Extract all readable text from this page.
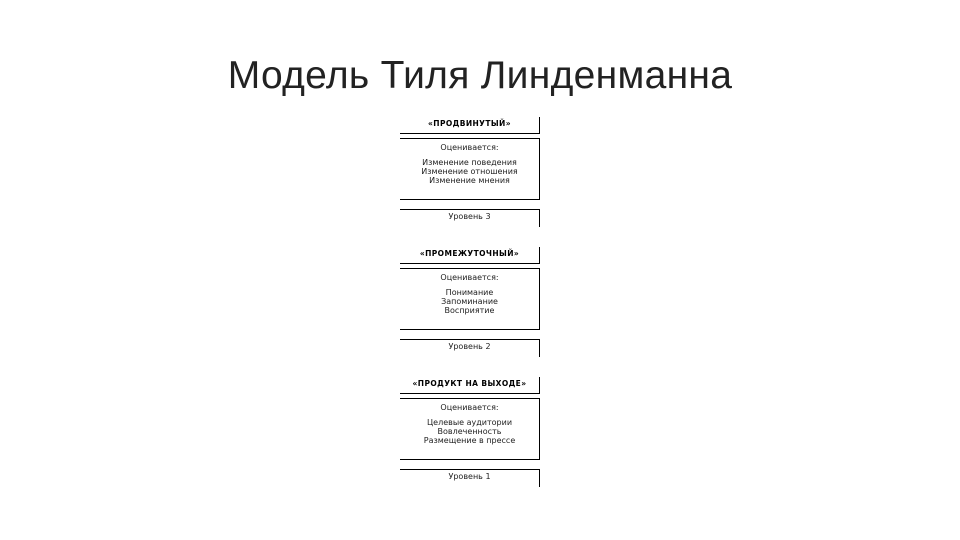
Модель Тиля Линденманна
«ПРОДВИНУТЫЙ»
Оценивается:
Изменение поведения
Изменение отношения
Изменение мнения
Уровень 3
«ПРОМЕЖУТОЧНЫЙ»
Оценивается:
Понимание
Запоминание
Восприятие
Уровень 2
«ПРОДУКТ НА ВЫХОДЕ»
Оценивается:
Целевые аудитории
Вовлеченность
Размещение в прессе
Уровень 1
